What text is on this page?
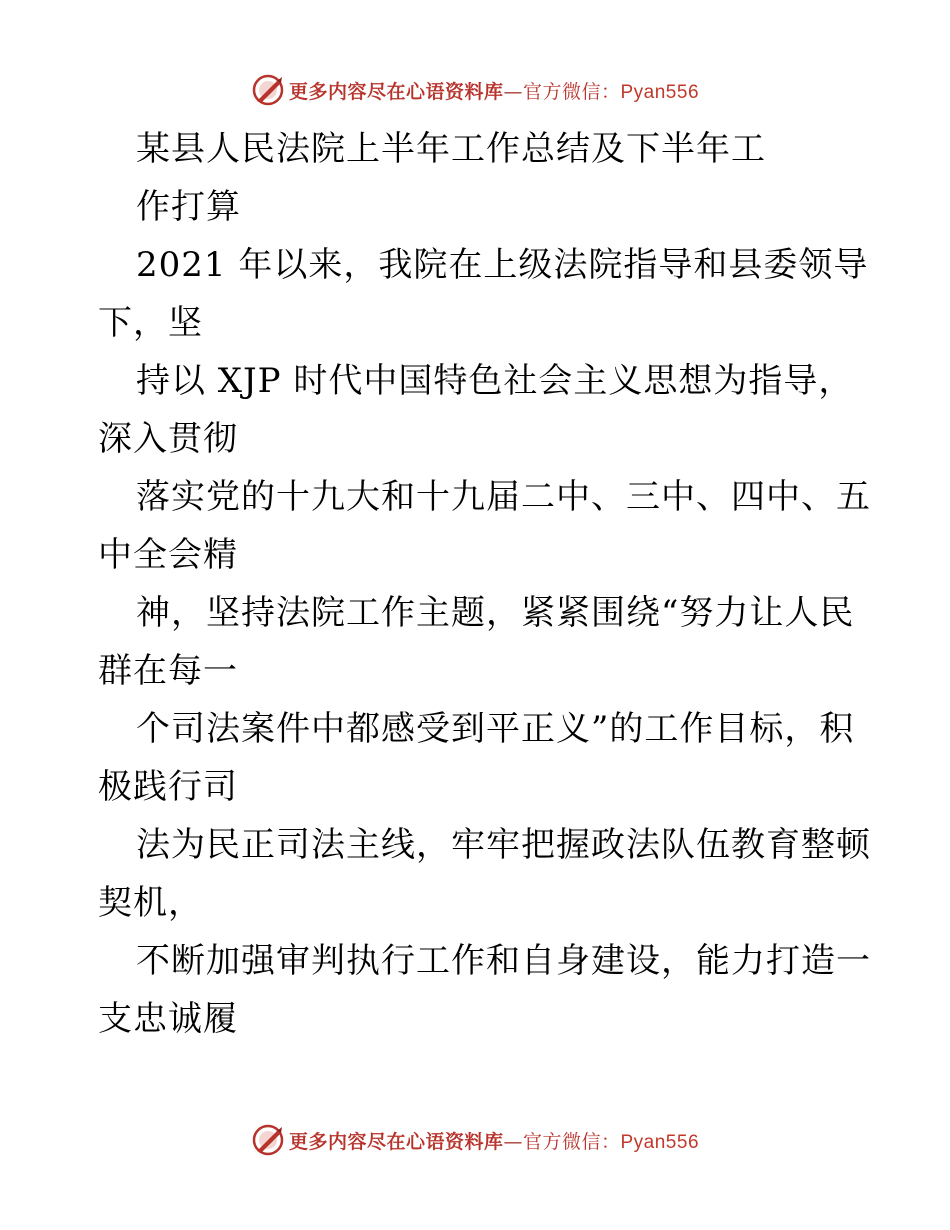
更多内容尽在心语资料库—官方微信：Pyan556
某县人民法院上半年工作总结及下半年工
作打算
2021 年以来，我院在上级法院指导和县委领导
下，坚
持以 XJP 时代中国特色社会主义思想为指导，
深入贯彻
落实党的十九大和十九届二中、三中、四中、五
中全会精
神，坚持法院工作主题，紧紧围绕“努力让人民
群在每一
个司法案件中都感受到平正义”的工作目标，积
极践行司
法为民正司法主线，牢牢把握政法队伍教育整顿
契机，
不断加强审判执行工作和自身建设，能力打造一
支忠诚履
更多内容尽在心语资料库—官方微信：Pyan556
